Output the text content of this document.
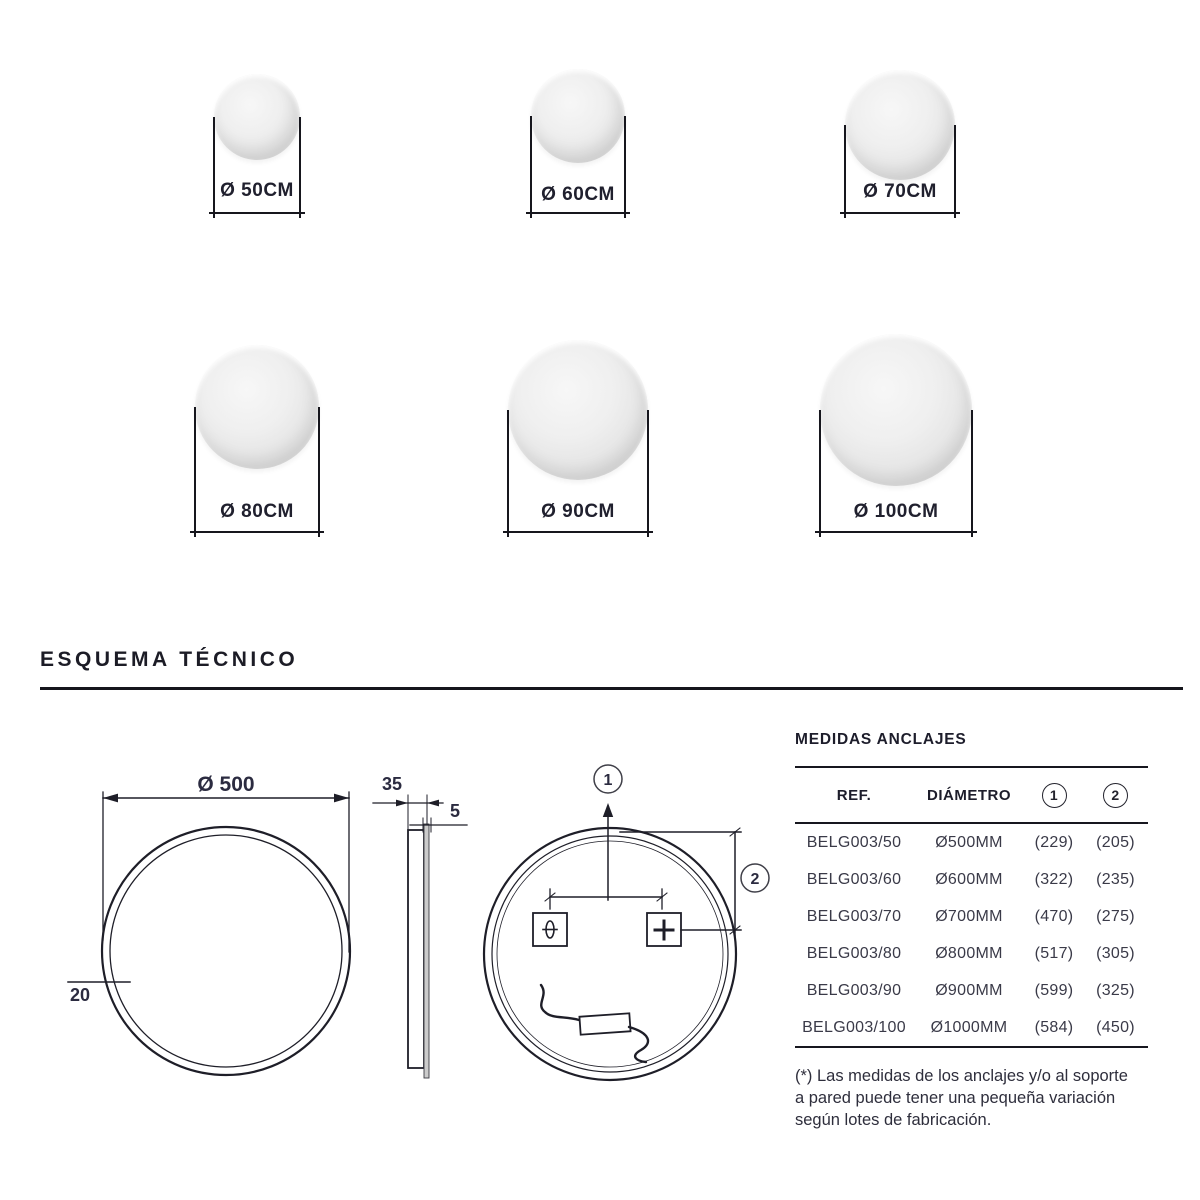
Ø 50CM	Ø 60CM	Ø 70CM
Ø 80CM	Ø 90CM	Ø 100CM
ESQUEMA TÉCNICO
Ø 500
20
35
5
1
2
MEDIDAS ANCLAJES
REF.	DIÁMETRO	1	2
BELG003/50	Ø500MM	(229)	(205)
BELG003/60	Ø600MM	(322)	(235)
BELG003/70	Ø700MM	(470)	(275)
BELG003/80	Ø800MM	(517)	(305)
BELG003/90	Ø900MM	(599)	(325)
BELG003/100	Ø1000MM	(584)	(450)
(*) Las medidas de los anclajes y/o al soporte
a pared puede tener una pequeña variación
según lotes de fabricación.
